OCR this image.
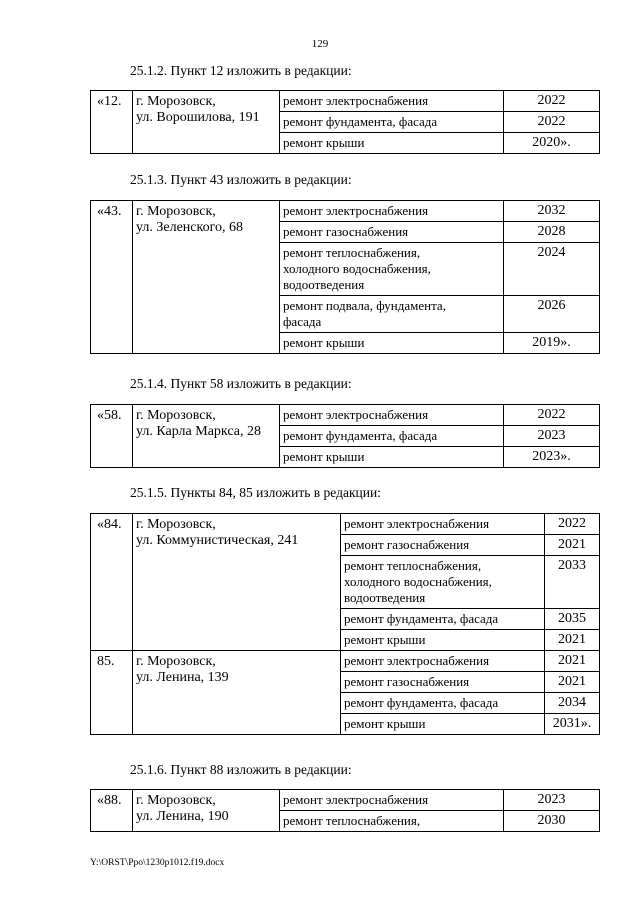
129
25.1.2. Пункт 12 изложить в редакции:
«12.	г. Морозовск,
ул. Ворошилова, 191	ремонт электроснабжения	2022

		ремонт фундамента, фасада	2022

		ремонт крыши	2020».
25.1.3. Пункт 43 изложить в редакции:
«43.	г. Морозовск,
ул. Зеленского, 68	ремонт электроснабжения	2032

		ремонт газоснабжения	2028

		ремонт теплоснабжения,
холодного водоснабжения,
водоотведения	2024

		ремонт подвала, фундамента,
фасада	2026

		ремонт крыши	2019».
25.1.4. Пункт 58 изложить в редакции:
«58.	г. Морозовск,
ул. Карла Маркса, 28	ремонт электроснабжения	2022

		ремонт фундамента, фасада	2023

		ремонт крыши	2023».
25.1.5. Пункты 84, 85 изложить в редакции:
«84.	г. Морозовск,
ул. Коммунистическая, 241	ремонт электроснабжения	2022

		ремонт газоснабжения	2021

		ремонт теплоснабжения,
холодного водоснабжения,
водоотведения	2033

		ремонт фундамента, фасада	2035

		ремонт крыши	2021
85.	г. Морозовск,
ул. Ленина, 139	ремонт электроснабжения	2021

		ремонт газоснабжения	2021

		ремонт фундамента, фасада	2034

		ремонт крыши	2031».
25.1.6. Пункт 88 изложить в редакции:
«88.	г. Морозовск,
ул. Ленина, 190	ремонт электроснабжения	2023

		ремонт теплоснабжения,	2030
Y:\ORST\Ppo\1230p1012.f19.docx
